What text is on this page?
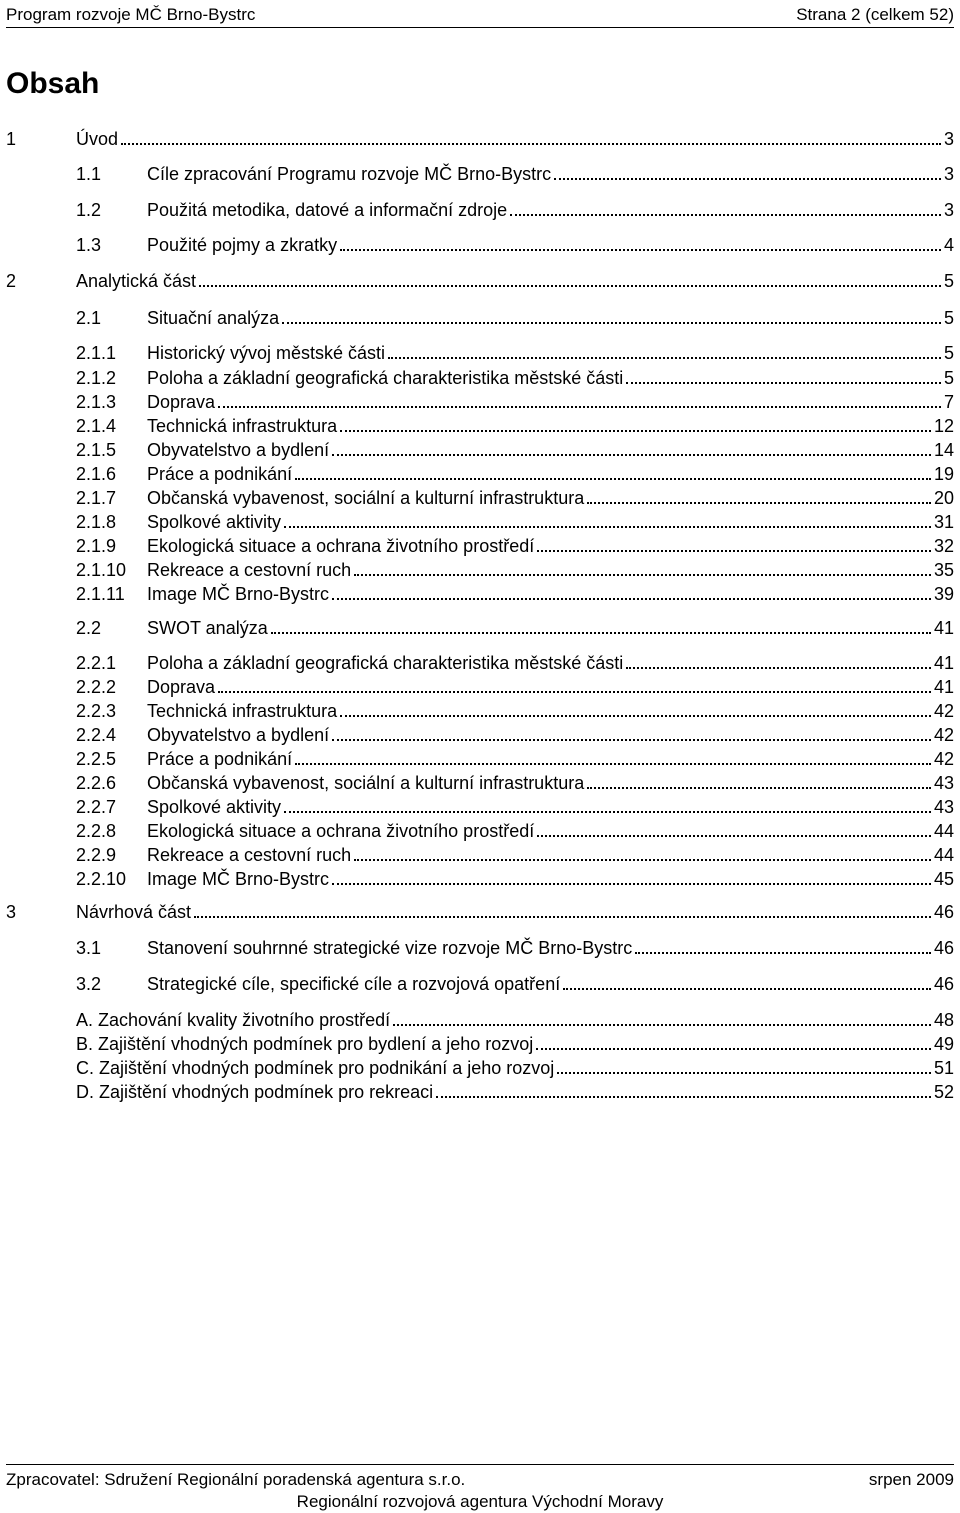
Program rozvoje MČ Brno-Bystrc	Strana 2 (celkem 52)
Obsah
1	Úvod	3
1.1	Cíle zpracování Programu rozvoje MČ Brno-Bystrc	3
1.2	Použitá metodika, datové a informační zdroje	3
1.3	Použité pojmy a zkratky	4
2	Analytická část	5
2.1	Situační analýza	5
2.1.1 Historický vývoj městské části	5
2.1.2 Poloha a základní geografická charakteristika městské části	5
2.1.3 Doprava	7
2.1.4 Technická infrastruktura	12
2.1.5 Obyvatelstvo a bydlení	14
2.1.6 Práce a podnikání	19
2.1.7 Občanská vybavenost, sociální a kulturní infrastruktura	20
2.1.8 Spolkové aktivity	31
2.1.9 Ekologická situace a ochrana životního prostředí	32
2.1.10 Rekreace a cestovní ruch	35
2.1.11 Image MČ Brno-Bystrc	39
2.2	SWOT analýza	41
2.2.1 Poloha a základní geografická charakteristika městské části	41
2.2.2 Doprava	41
2.2.3 Technická infrastruktura	42
2.2.4 Obyvatelstvo a bydlení	42
2.2.5 Práce a podnikání	42
2.2.6 Občanská vybavenost, sociální a kulturní infrastruktura	43
2.2.7 Spolkové aktivity	43
2.2.8 Ekologická situace a ochrana životního prostředí	44
2.2.9 Rekreace a cestovní ruch	44
2.2.10 Image MČ Brno-Bystrc	45
3	Návrhová část	46
3.1	Stanovení souhrnné strategické vize rozvoje MČ Brno-Bystrc	46
3.2	Strategické cíle, specifické cíle a rozvojová opatření	46
A. Zachování kvality životního prostředí	48
B. Zajištění vhodných podmínek pro bydlení a jeho rozvoj	49
C. Zajištění vhodných podmínek pro podnikání a jeho rozvoj	51
D. Zajištění vhodných podmínek pro rekreaci	52
Zpracovatel: Sdružení Regionální poradenská agentura s.r.o.
Regionální rozvojová agentura Východní Moravy
srpen 2009
